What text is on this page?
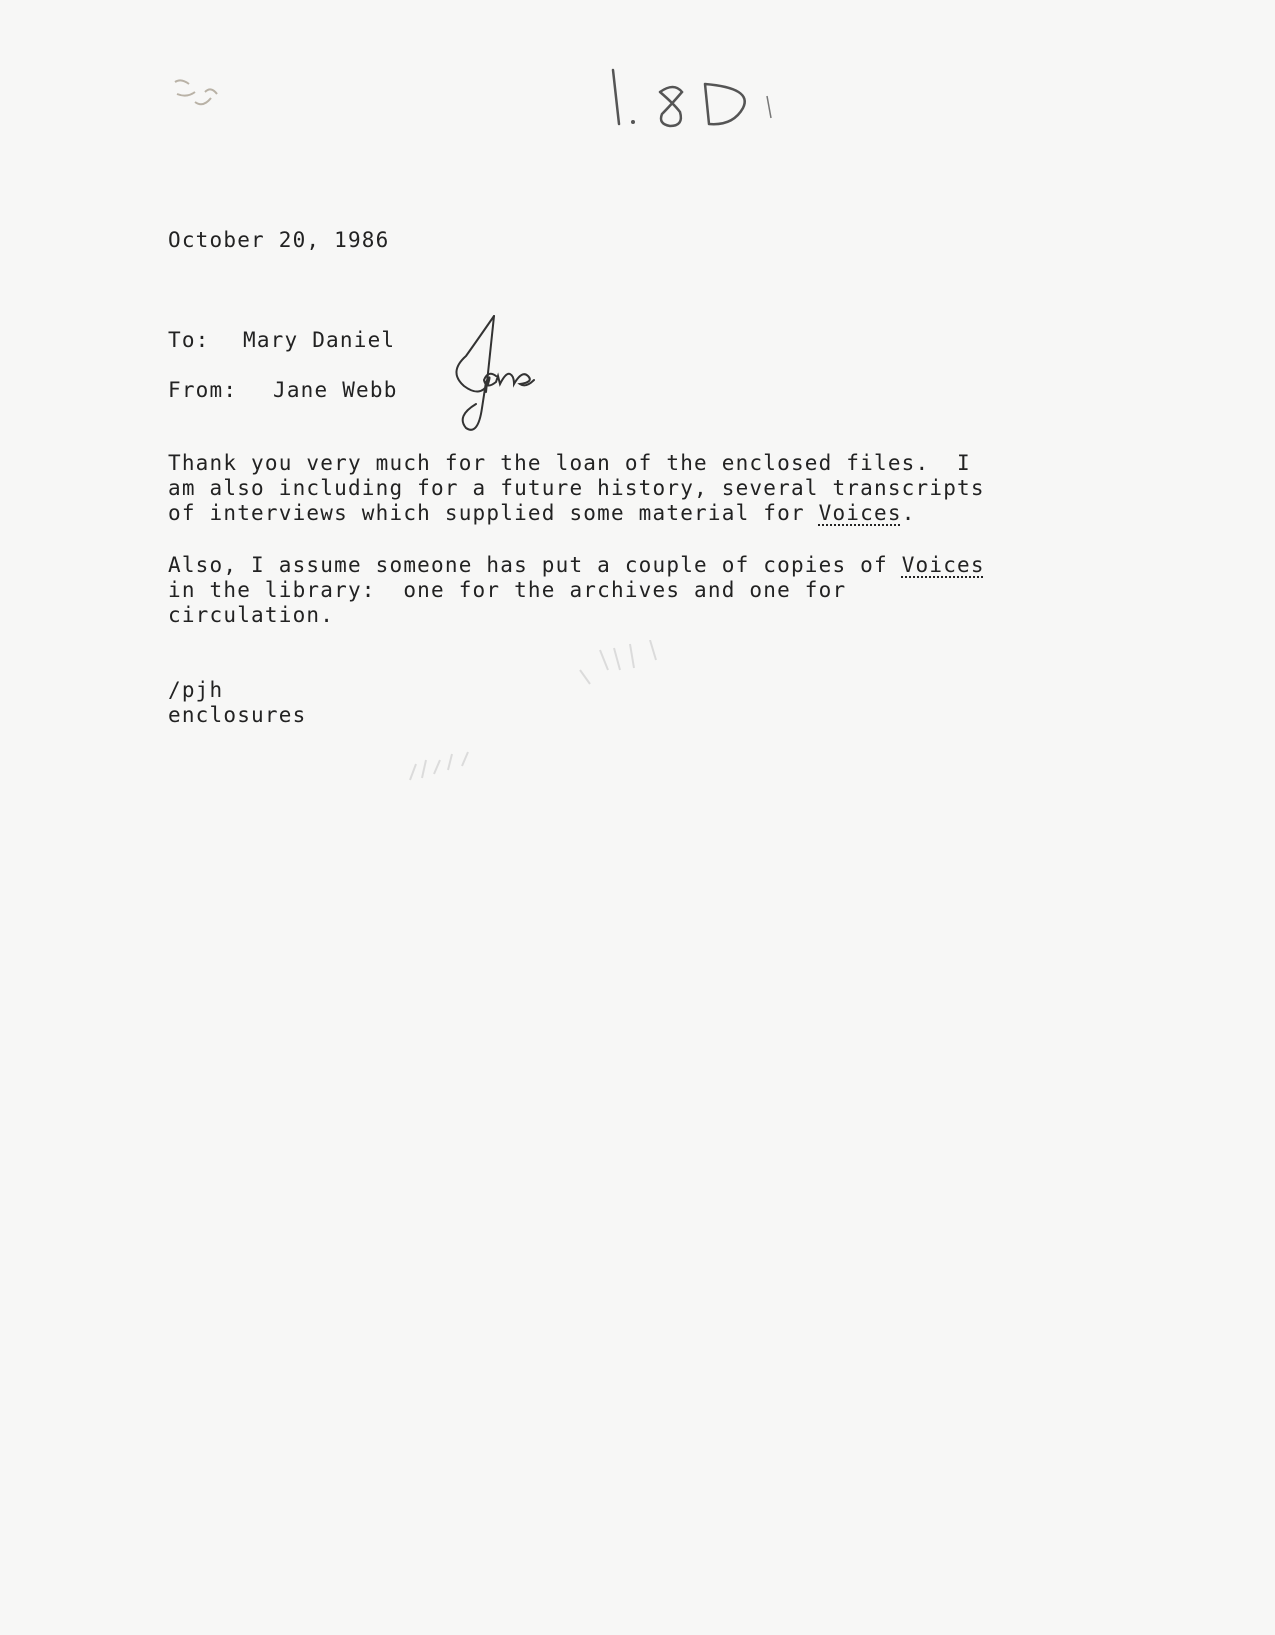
October 20, 1986
To: Mary Daniel
From: Jane Webb
Thank you very much for the loan of the enclosed files.  I
am also including for a future history, several transcripts
of interviews which supplied some material for Voices.
Also, I assume someone has put a couple of copies of Voices
in the library:  one for the archives and one for
circulation.
/pjh
enclosures
